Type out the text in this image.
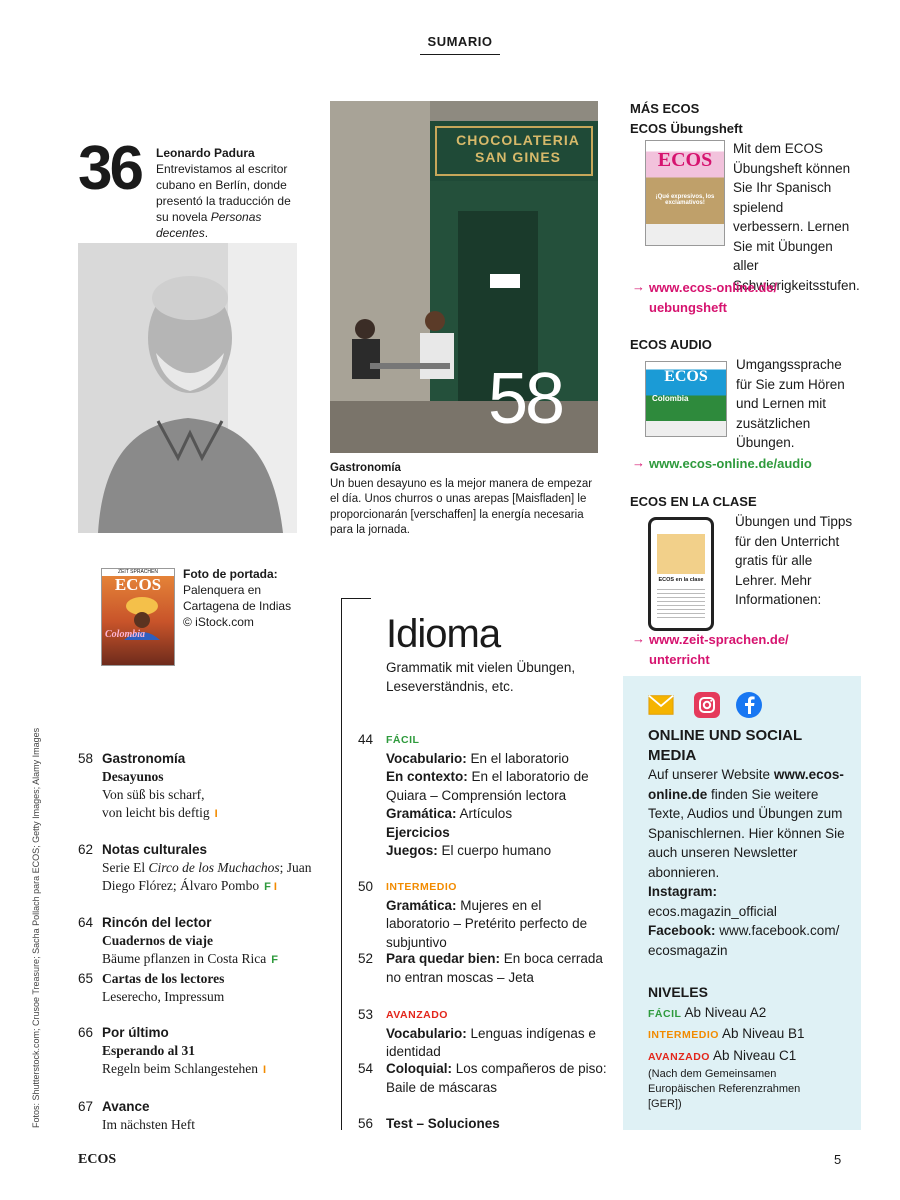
SUMARIO
36 Leonardo Padura
Entrevistamos al escritor cubano en Berlín, donde presentó la traducción de su novela Personas decentes.
ZEIT SPRACHEN
ECOS
Colombia
Foto de portada:
Palenquera en Cartagena de Indias
© iStock.com
CHOCOLATERIA SAN GINES
58
Gastronomía
Un buen desayuno es la mejor manera de empezar el día. Unos churros o unas arepas [Maisfladen] le proporcionarán [verschaffen] la energía necesaria para la jornada.
58 Gastronomía
Desayunos
Von süß bis scharf,
von leicht bis deftig I
62 Notas culturales
Serie El Circo de los Muchachos; Juan Diego Flórez; Álvaro Pombo F I
64 Rincón del lector
Cuadernos de viaje
Bäume pflanzen in Costa Rica F
65 Cartas de los lectores
Leserecho, Impressum
66 Por último
Esperando al 31
Regeln beim Schlangestehen I
67 Avance
Im nächsten Heft
Idioma
Grammatik mit vielen Übungen, Leseverständnis, etc.
44 FÁCIL
Vocabulario: En el laboratorio
En contexto: En el laboratorio de Quiara – Comprensión lectora
Gramática: Artículos
Ejercicios
Juegos: El cuerpo humano
50 INTERMEDIO
Gramática: Mujeres en el laboratorio – Pretérito perfecto de subjuntivo
52 Para quedar bien: En boca cerrada no entran moscas – Jeta
53 AVANZADO
Vocabulario: Lenguas indígenas e identidad
54 Coloquial: Los compañeros de piso: Baile de máscaras
56 Test – Soluciones
MÁS ECOS
ECOS Übungsheft
ECOS
¡Qué expresivos, los exclamativos!
Mit dem ECOS Übungsheft können Sie Ihr Spanisch spielend verbessern. Lernen Sie mit Übungen aller Schwierigkeitsstufen.
→ www.ecos-online.de/
uebungsheft
ECOS AUDIO
ECOS
Colombia
Umgangssprache für Sie zum Hören und Lernen mit zusätzlichen Übungen.
→ www.ecos-online.de/audio
ECOS EN LA CLASE
ECOS en la clase
Übungen und Tipps für den Unterricht gratis für alle Lehrer. Mehr Informationen:
→ www.zeit-sprachen.de/
unterricht
ONLINE UND SOCIAL MEDIA
Auf unserer Website www.ecos-online.de finden Sie weitere Texte, Audios und Übungen zum Spanischlernen. Hier können Sie auch unseren Newsletter abonnieren.
Instagram:
ecos.magazin_official
Facebook: www.facebook.com/ ecosmagazin
NIVELES
FÁCIL Ab Niveau A2
INTERMEDIO Ab Niveau B1
AVANZADO Ab Niveau C1
(Nach dem Gemeinsamen Europäischen Referenzrahmen [GER])
Fotos: Shutterstock.com; Crusoe Treasure; Sacha Pollach para ECOS; Getty Images; Alamy Images
ECOS	5
